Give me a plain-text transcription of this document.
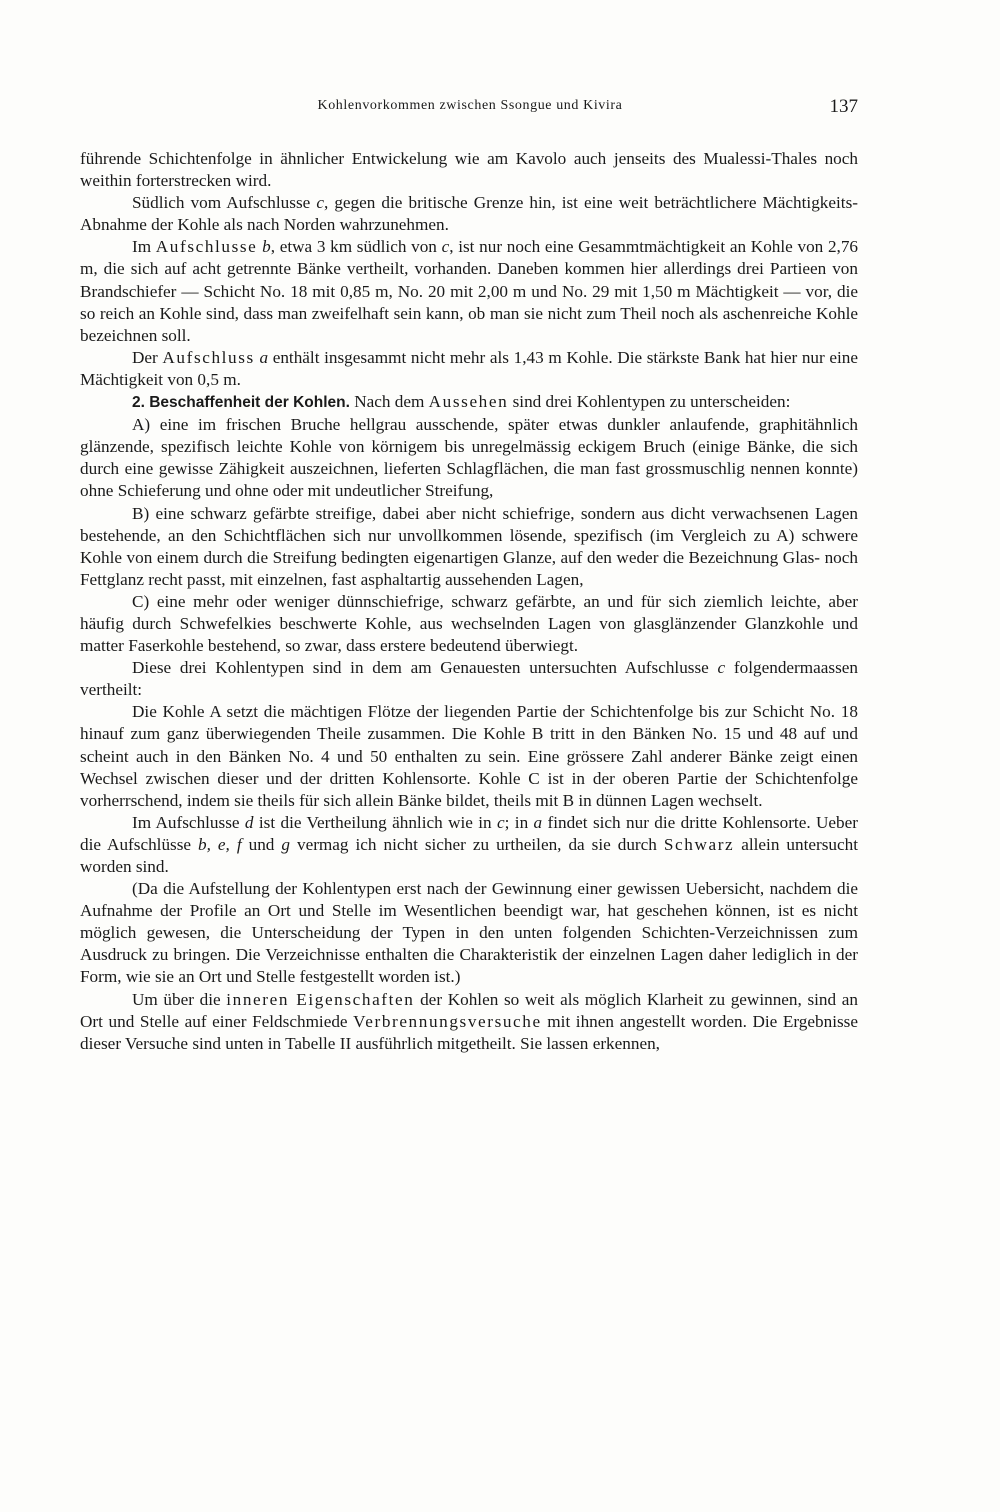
Kohlenvorkommen zwischen Ssongue und Kivira	137

führende Schichtenfolge in ähnlicher Entwickelung wie am Kavolo auch jenseits des Mualessi-Thales noch weithin forterstrecken wird.

Südlich vom Aufschlusse c, gegen die britische Grenze hin, ist eine weit beträchtlichere Mächtigkeits-Abnahme der Kohle als nach Norden wahrzunehmen.

Im Aufschlusse b, etwa 3 km südlich von c, ist nur noch eine Gesammtmächtigkeit an Kohle von 2,76 m, die sich auf acht getrennte Bänke vertheilt, vorhanden. Daneben kommen hier allerdings drei Partieen von Brandschiefer — Schicht No. 18 mit 0,85 m, No. 20 mit 2,00 m und No. 29 mit 1,50 m Mächtigkeit — vor, die so reich an Kohle sind, dass man zweifelhaft sein kann, ob man sie nicht zum Theil noch als aschenreiche Kohle bezeichnen soll.

Der Aufschluss a enthält insgesammt nicht mehr als 1,43 m Kohle. Die stärkste Bank hat hier nur eine Mächtigkeit von 0,5 m.

2. Beschaffenheit der Kohlen. Nach dem Aussehen sind drei Kohlentypen zu unterscheiden:

A) eine im frischen Bruche hellgrau ausschende, später etwas dunkler anlaufende, graphitähnlich glänzende, spezifisch leichte Kohle von körnigem bis unregelmässig eckigem Bruch (einige Bänke, die sich durch eine gewisse Zähigkeit auszeichnen, lieferten Schlagflächen, die man fast grossmuschlig nennen konnte) ohne Schieferung und ohne oder mit undeutlicher Streifung,

B) eine schwarz gefärbte streifige, dabei aber nicht schiefrige, sondern aus dicht verwachsenen Lagen bestehende, an den Schichtflächen sich nur unvollkommen lösende, spezifisch (im Vergleich zu A) schwere Kohle von einem durch die Streifung bedingten eigenartigen Glanze, auf den weder die Bezeichnung Glas- noch Fettglanz recht passt, mit einzelnen, fast asphaltartig aussehenden Lagen,

C) eine mehr oder weniger dünnschiefrige, schwarz gefärbte, an und für sich ziemlich leichte, aber häufig durch Schwefelkies beschwerte Kohle, aus wechselnden Lagen von glasglänzender Glanzkohle und matter Faserkohle bestehend, so zwar, dass erstere bedeutend überwiegt.

Diese drei Kohlentypen sind in dem am Genauesten untersuchten Aufschlusse c folgendermaassen vertheilt:

Die Kohle A setzt die mächtigen Flötze der liegenden Partie der Schichtenfolge bis zur Schicht No. 18 hinauf zum ganz überwiegenden Theile zusammen. Die Kohle B tritt in den Bänken No. 15 und 48 auf und scheint auch in den Bänken No. 4 und 50 enthalten zu sein. Eine grössere Zahl anderer Bänke zeigt einen Wechsel zwischen dieser und der dritten Kohlensorte. Kohle C ist in der oberen Partie der Schichtenfolge vorherrschend, indem sie theils für sich allein Bänke bildet, theils mit B in dünnen Lagen wechselt.

Im Aufschlusse d ist die Vertheilung ähnlich wie in c; in a findet sich nur die dritte Kohlensorte. Ueber die Aufschlüsse b, e, f und g vermag ich nicht sicher zu urtheilen, da sie durch Schwarz allein untersucht worden sind.

(Da die Aufstellung der Kohlentypen erst nach der Gewinnung einer gewissen Uebersicht, nachdem die Aufnahme der Profile an Ort und Stelle im Wesentlichen beendigt war, hat geschehen können, ist es nicht möglich gewesen, die Unterscheidung der Typen in den unten folgenden Schichten-Verzeichnissen zum Ausdruck zu bringen. Die Verzeichnisse enthalten die Charakteristik der einzelnen Lagen daher lediglich in der Form, wie sie an Ort und Stelle festgestellt worden ist.)

Um über die inneren Eigenschaften der Kohlen so weit als möglich Klarheit zu gewinnen, sind an Ort und Stelle auf einer Feldschmiede Verbrennungsversuche mit ihnen angestellt worden. Die Ergebnisse dieser Versuche sind unten in Tabelle II ausführlich mitgetheilt. Sie lassen erkennen,
